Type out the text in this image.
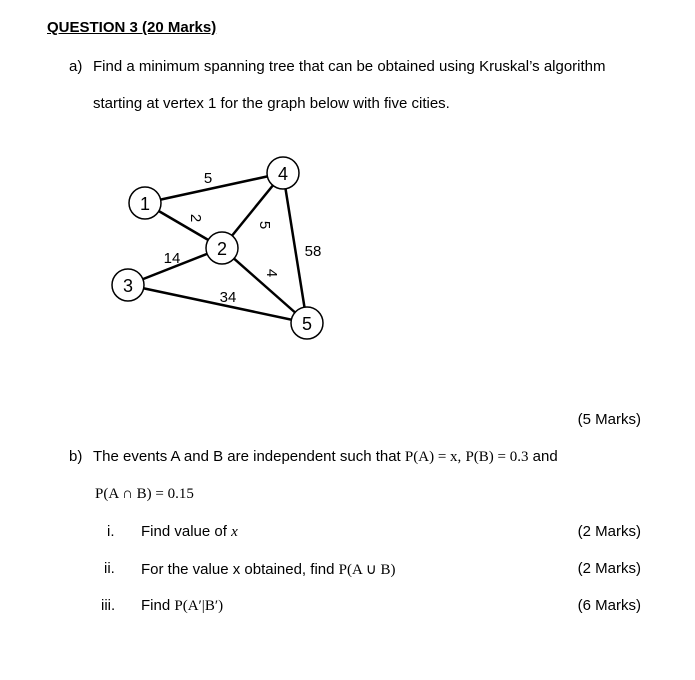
QUESTION 3 (20 Marks)
a) Find a minimum spanning tree that can be obtained using Kruskal’s algorithm
starting at vertex 1 for the graph below with five cities.
1
2
3
4
5
5
2
5
14	58
4
34
(5 Marks)
b) The events A and B are independent such that P(A) = x, P(B) = 0.3 and
P(A ∩ B) = 0.15
i. Find value of x	(2 Marks)
ii. For the value x obtained, find P(A ∪ B)	(2 Marks)
iii. Find P(A′|B′)	(6 Marks)
